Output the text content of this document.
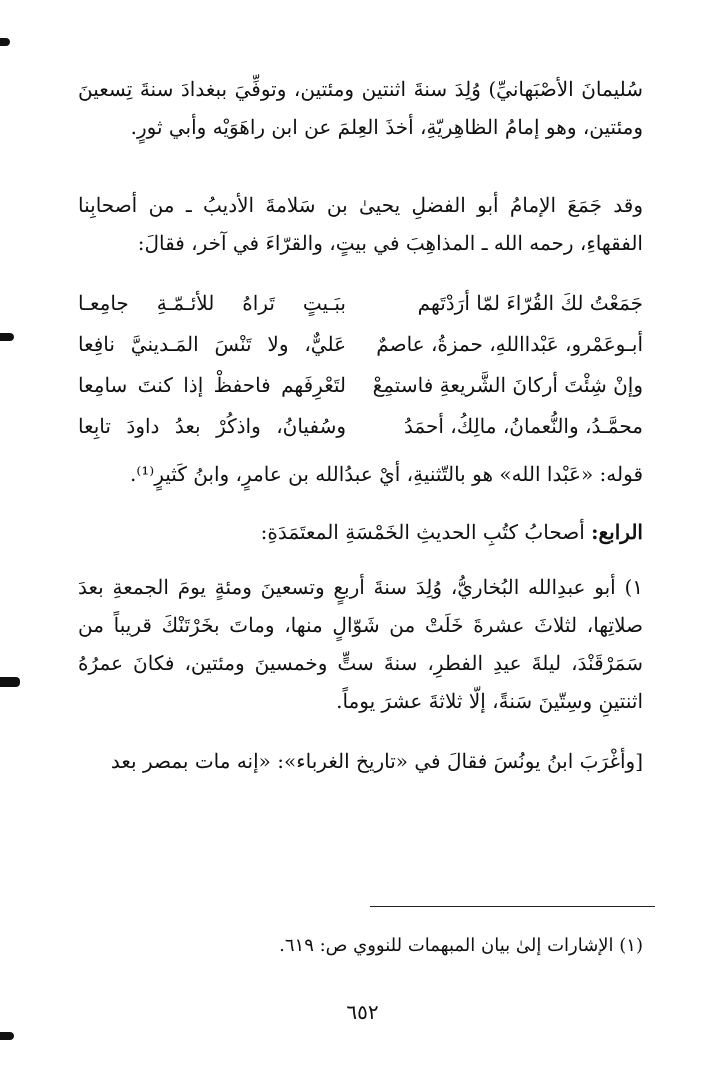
سُليمانَ الأصْبَهانيِّ) وُلِدَ سنةَ اثنتين ومئتين، وتوفِّيَ ببغدادَ سنةَ تِسعينَ ومئتين، وهو إمامُ الظاهِريّةِ، أخذَ العِلمَ عن ابن راهَوَيْه وأبي ثورٍ.

وقد جَمَعَ الإمامُ أبو الفضلِ يحيىٰ بن سَلامةَ الأديبُ ـ من أصحابِنا الفقهاءِ، رحمه الله ـ المذاهِبَ في بيتٍ، والقرّاءَ في آخر، فقالَ:

جَمَعْتُ لكَ القُرّاءَ لمّا أرَدْتَهم
ببَـيتٍ تَراهُ للأئـمّـةِ جامِعـا
أبـوعَمْرو، عَبْدااللهِ، حمزةُ، عاصمٌ
عَليٌّ، ولا تَنْسَ المَـدينيَّ نافِعا
وإنْ شِئْتَ أركانَ الشَّريعةِ فاستمِعْ
لتَعْرِفَهم فاحفظْ إذا كنتَ سامِعا
محمَّـدُ، والنُّعمانُ، مالِكُ، أحمَدُ
وسُفيانُ، واذكُرْ بعدُ داودَ تابِعا

قوله: «عَبْدا الله» هو بالتّثنيةِ، أيْ عبدُالله بن عامرٍ، وابنُ كَثيرٍ⁽¹⁾.

الرابع: أصحابُ كتُبِ الحديثِ الخَمْسَةِ المعتَمَدَةِ:

١) أبو عبدِالله البُخاريُّ، وُلِدَ سنةَ أربعٍ وتسعينَ ومئةٍ يومَ الجمعةِ بعدَ صلاتِها، لثلاثَ عشرةَ خَلَتْ من شَوّالٍ منها، وماتَ بخَرْتَنْكَ قريباً من سَمَرْقَنْدَ، ليلةَ عيدِ الفطرِ، سنةَ ستٍّ وخمسينَ ومئتين، فكانَ عمرُهُ اثنتينِ وسِتّينَ سَنةً، إلّا ثلاثةَ عشرَ يوماً.

[وأغْرَبَ ابنُ يونُسَ فقالَ في «تاريخ الغرباء»: «إنه مات بمصر بعد

(١) الإشارات إلىٰ بيان المبهمات للنووي ص: ٦١٩.

٦٥٢
